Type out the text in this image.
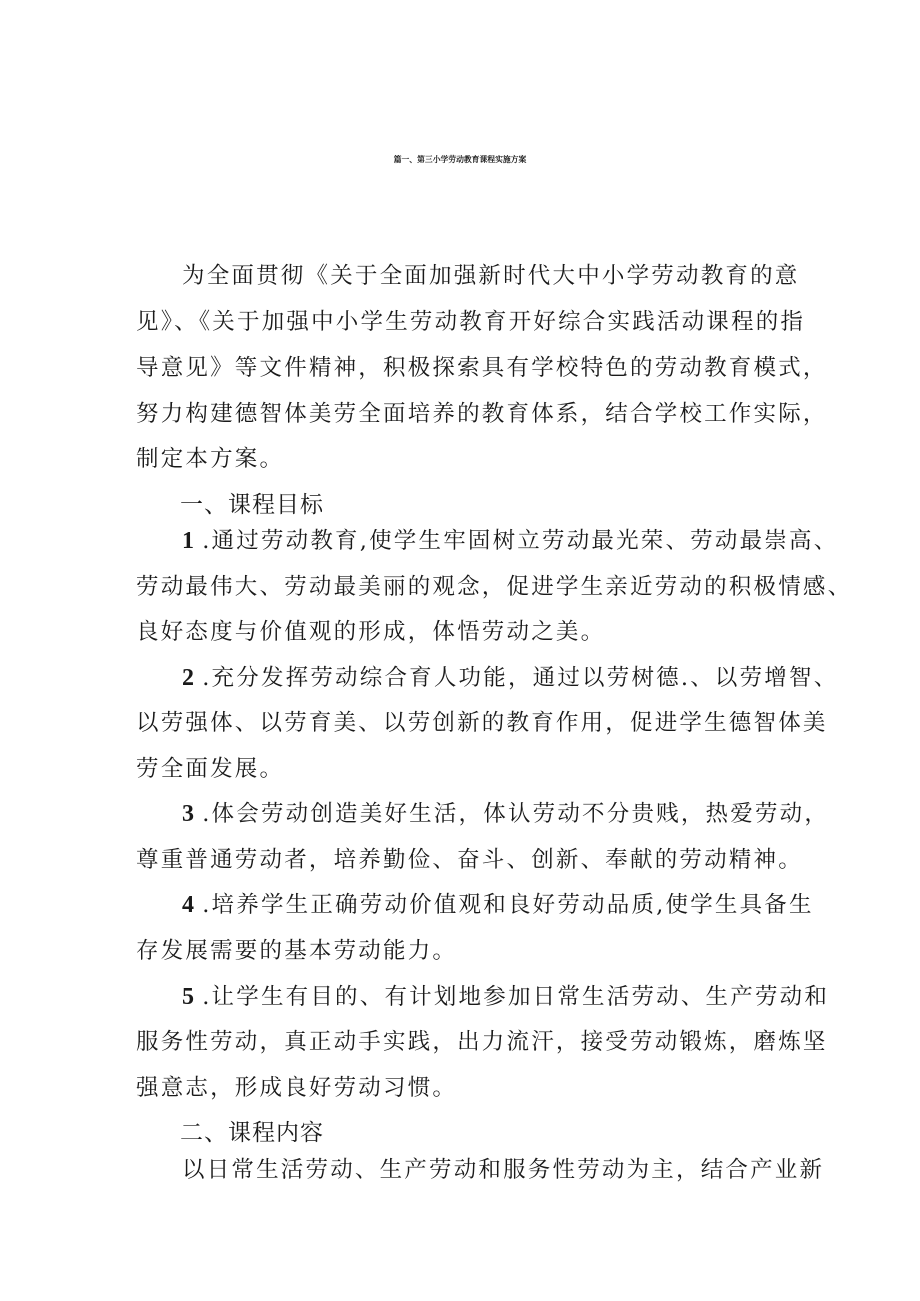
篇一、第三小学劳动教育课程实施方案
为全面贯彻《关于全面加强新时代大中小学劳动教育的意
见》、《关于加强中小学生劳动教育开好综合实践活动课程的指
导意见》等文件精神，积极探索具有学校特色的劳动教育模式，
努力构建德智体美劳全面培养的教育体系，结合学校工作实际，
制定本方案。
一、课程目标
1 .通过劳动教育,使学生牢固树立劳动最光荣、劳动最崇高、
劳动最伟大、劳动最美丽的观念，促进学生亲近劳动的积极情感、
良好态度与价值观的形成，体悟劳动之美。
2 .充分发挥劳动综合育人功能，通过以劳树德.、以劳增智、
以劳强体、以劳育美、以劳创新的教育作用，促进学生德智体美
劳全面发展。
3 .体会劳动创造美好生活，体认劳动不分贵贱，热爱劳动，
尊重普通劳动者，培养勤俭、奋斗、创新、奉献的劳动精神。
4 .培养学生正确劳动价值观和良好劳动品质,使学生具备生
存发展需要的基本劳动能力。
5 .让学生有目的、有计划地参加日常生活劳动、生产劳动和
服务性劳动，真正动手实践，出力流汗，接受劳动锻炼，磨炼坚
强意志，形成良好劳动习惯。
二、课程内容
以日常生活劳动、生产劳动和服务性劳动为主，结合产业新
